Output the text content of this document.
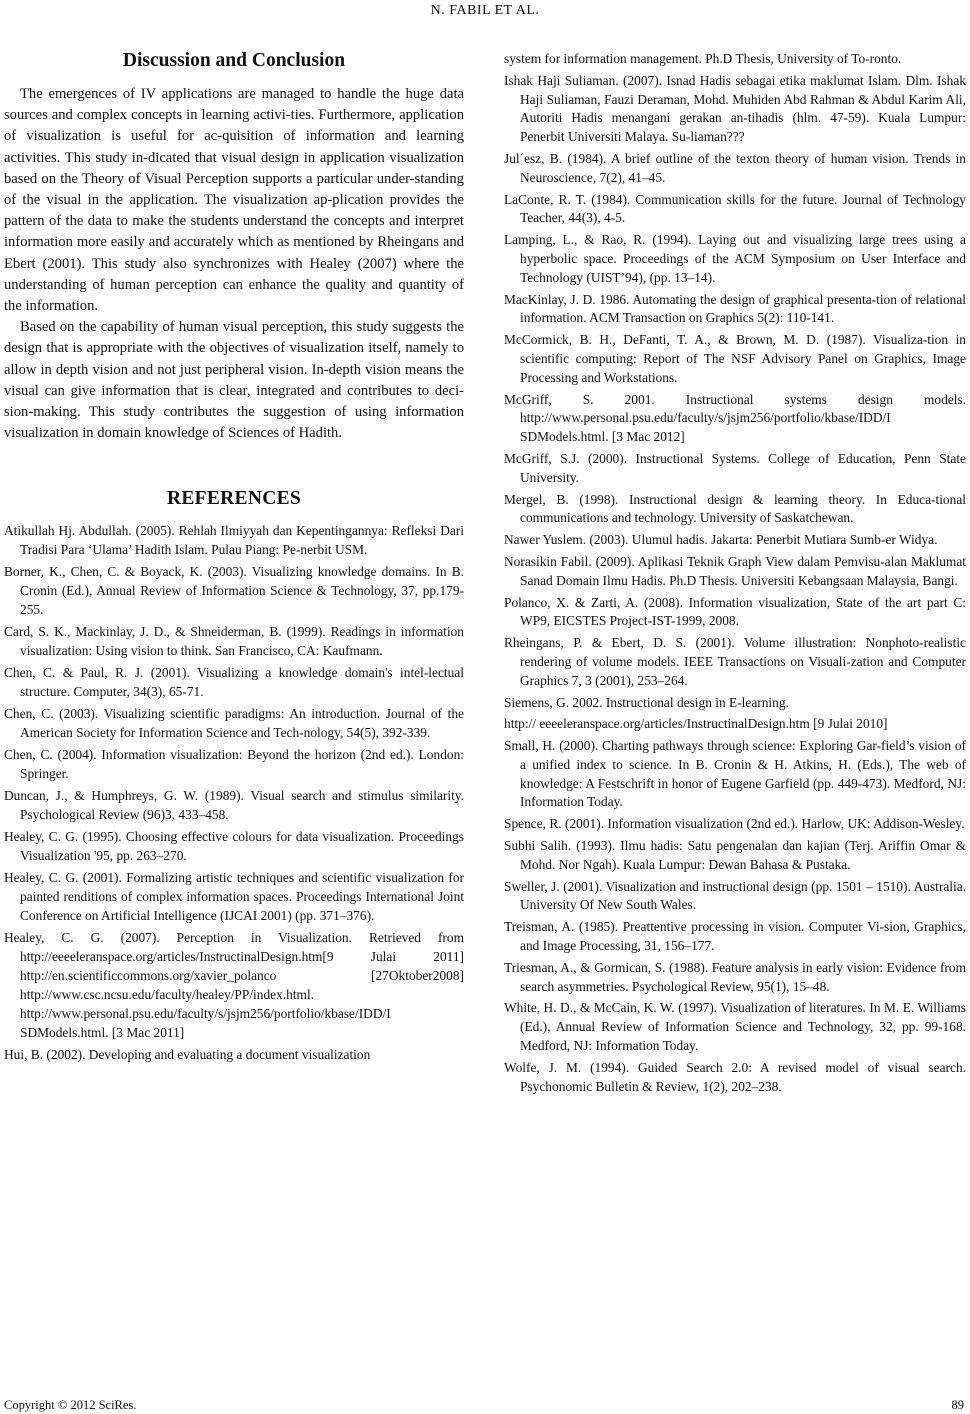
N. FABIL ET AL.
Discussion and Conclusion

The emergences of IV applications are managed to handle the huge data sources and complex concepts in learning activi-ties. Furthermore, application of visualization is useful for ac-quisition of information and learning activities. This study in-dicated that visual design in application visualization based on the Theory of Visual Perception supports a particular under-standing of the visual in the application. The visualization ap-plication provides the pattern of the data to make the students understand the concepts and interpret information more easily and accurately which as mentioned by Rheingans and Ebert (2001). This study also synchronizes with Healey (2007) where the understanding of human perception can enhance the quality and quantity of the information.

Based on the capability of human visual perception, this study suggests the design that is appropriate with the objectives of visualization itself, namely to allow in depth vision and not just peripheral vision. In-depth vision means the visual can give information that is clear, integrated and contributes to deci-sion-making. This study contributes the suggestion of using information visualization in domain knowledge of Sciences of Hadith.

REFERENCES

Atikullah Hj. Abdullah. (2005). Rehlah Ilmiyyah dan Kepentingannya: Refleksi Dari Tradisi Para ‘Ulama’ Hadith Islam. Pulau Piang: Pe-nerbit USM.

Borner, K., Chen, C. & Boyack, K. (2003). Visualizing knowledge domains. In B. Cronin (Ed.), Annual Review of Information Science & Technology, 37, pp.179-255.

Card, S. K., Mackinlay, J. D., & Shneiderman, B. (1999). Readings in information visualization: Using vision to think. San Francisco, CA: Kaufmann.

Chen, C. & Paul, R. J. (2001). Visualizing a knowledge domain's intel-lectual structure. Computer, 34(3), 65-71.

Chen, C. (2003). Visualizing scientific paradigms: An introduction. Journal of the American Society for Information Science and Tech-nology, 54(5), 392-339.

Chen, C. (2004). Information visualization: Beyond the horizon (2nd ed.). London: Springer.

Duncan, J., & Humphreys, G. W. (1989). Visual search and stimulus similarity. Psychological Review (96)3, 433–458.

Healey, C. G. (1995). Choosing effective colours for data visualization. Proceedings Visualization '95, pp. 263–270.

Healey, C. G. (2001). Formalizing artistic techniques and scientific visualization for painted renditions of complex information spaces. Proceedings International Joint Conference on Artificial Intelligence (IJCAI 2001) (pp. 371–376).

Healey, C. G. (2007). Perception in Visualization. Retrieved from http://eeeeleranspace.org/articles/InstructinalDesign.htm[9 Julai 2011] http://en.scientificcommons.org/xavier_polanco [27Oktober2008] http://www.csc.ncsu.edu/faculty/healey/PP/index.html. http://www.personal.psu.edu/faculty/s/jsjm256/portfolio/kbase/IDD/I SDModels.html. [3 Mac 2011]

Hui, B. (2002). Developing and evaluating a document visualization

system for information management. Ph.D Thesis, University of To-ronto.

Ishak Haji Suliaman. (2007). Isnad Hadis sebagai etika maklumat Islam. Dlm. Ishak Haji Suliaman, Fauzi Deraman, Mohd. Muhiden Abd Rahman & Abdul Karim Ali, Autoriti Hadis menangani gerakan an-tihadis (hlm. 47-59). Kuala Lumpur: Penerbit Universiti Malaya. Su-liaman???

Jul´esz, B. (1984). A brief outline of the texton theory of human vision. Trends in Neuroscience, 7(2), 41–45.

LaConte, R. T. (1984). Communication skills for the future. Journal of Technology Teacher, 44(3), 4-5.

Lamping, L., & Rao, R. (1994). Laying out and visualizing large trees using a hyperbolic space. Proceedings of the ACM Symposium on User Interface and Technology (UIST’94), (pp. 13–14).

MacKinlay, J. D. 1986. Automating the design of graphical presenta-tion of relational information. ACM Transaction on Graphics 5(2): 110-141.

McCormick, B. H., DeFanti, T. A., & Brown, M. D. (1987). Visualiza-tion in scientific computing: Report of The NSF Advisory Panel on Graphics, Image Processing and Workstations.

McGriff, S. 2001. Instructional systems design models. http://www.personal.psu.edu/faculty/s/jsjm256/portfolio/kbase/IDD/I SDModels.html. [3 Mac 2012]

McGriff, S.J. (2000). Instructional Systems. College of Education, Penn State University.

Mergel, B. (1998). Instructional design & learning theory. In Educa-tional communications and technology. University of Saskatchewan.

Nawer Yuslem. (2003). Ulumul hadis. Jakarta: Penerbit Mutiara Sumb-er Widya.

Norasikin Fabil. (2009). Aplikasi Teknik Graph View dalam Pemvisu-alan Maklumat Sanad Domain Ilmu Hadis. Ph.D Thesis. Universiti Kebangsaan Malaysia, Bangi.

Polanco, X. & Zarti, A. (2008). Information visualization, State of the art part C: WP9, EICSTES Project-IST-1999, 2008.

Rheingans, P. & Ebert, D. S. (2001). Volume illustration: Nonphoto-realistic rendering of volume models. IEEE Transactions on Visuali-zation and Computer Graphics 7, 3 (2001), 253–264.

Siemens, G. 2002. Instructional design in E-learning.

http:// eeeeleranspace.org/articles/InstructinalDesign.htm [9 Julai 2010]

Small, H. (2000). Charting pathways through science: Exploring Gar-field’s vision of a unified index to science. In B. Cronin & H. Atkins, H. (Eds.), The web of knowledge: A Festschrift in honor of Eugene Garfield (pp. 449-473). Medford, NJ: Information Today.

Spence, R. (2001). Information visualization (2nd ed.). Harlow, UK: Addison-Wesley.

Subhi Salih. (1993). Ilmu hadis: Satu pengenalan dan kajian (Terj. Ariffin Omar & Mohd. Nor Ngah). Kuala Lumpur: Dewan Bahasa & Pustaka.

Sweller, J. (2001). Visualization and instructional design (pp. 1501 – 1510). Australia. University Of New South Wales.

Treisman, A. (1985). Preattentive processing in vision. Computer Vi-sion, Graphics, and Image Processing, 31, 156–177.

Triesman, A., & Gormican, S. (1988). Feature analysis in early vision: Evidence from search asymmetries. Psychological Review, 95(1), 15–48.

White, H. D., & McCain, K. W. (1997). Visualization of literatures. In M. E. Williams (Ed.), Annual Review of Information Science and Technology, 32, pp. 99-168. Medford, NJ: Information Today.

Wolfe, J. M. (1994). Guided Search 2.0: A revised model of visual search. Psychonomic Bulletin & Review, 1(2), 202–238.

Copyright © 2012 SciRes.	89
